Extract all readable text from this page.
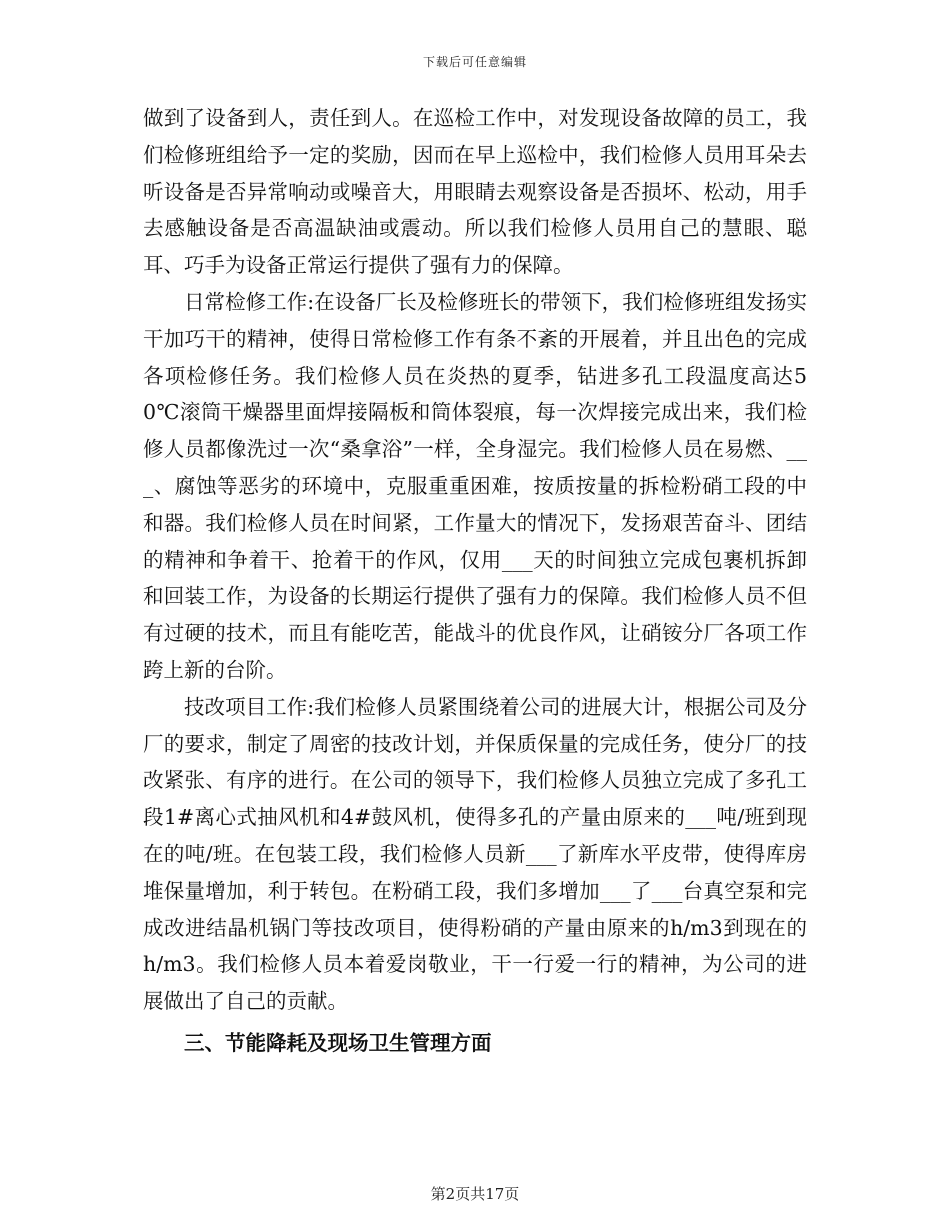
下载后可任意编辑

做到了设备到人，责任到人。在巡检工作中，对发现设备故障的员工，我们检修班组给予一定的奖励，因而在早上巡检中，我们检修人员用耳朵去听设备是否异常响动或噪音大，用眼睛去观察设备是否损坏、松动，用手去感触设备是否高温缺油或震动。所以我们检修人员用自己的慧眼、聪耳、巧手为设备正常运行提供了强有力的保障。

日常检修工作:在设备厂长及检修班长的带领下，我们检修班组发扬实干加巧干的精神，使得日常检修工作有条不紊的开展着，并且出色的完成各项检修任务。我们检修人员在炎热的夏季，钻进多孔工段温度高达50℃滚筒干燥器里面焊接隔板和筒体裂痕，每一次焊接完成出来，我们检修人员都像洗过一次“桑拿浴”一样，全身湿完。我们检修人员在易燃、___、腐蚀等恶劣的环境中，克服重重困难，按质按量的拆检粉硝工段的中和器。我们检修人员在时间紧，工作量大的情况下，发扬艰苦奋斗、团结的精神和争着干、抢着干的作风，仅用___天的时间独立完成包裹机拆卸和回装工作，为设备的长期运行提供了强有力的保障。我们检修人员不但有过硬的技术，而且有能吃苦，能战斗的优良作风，让硝铵分厂各项工作跨上新的台阶。

技改项目工作:我们检修人员紧围绕着公司的进展大计，根据公司及分厂的要求，制定了周密的技改计划，并保质保量的完成任务，使分厂的技改紧张、有序的进行。在公司的领导下，我们检修人员独立完成了多孔工段1#离心式抽风机和4#鼓风机，使得多孔的产量由原来的___吨/班到现在的吨/班。在包装工段，我们检修人员新___了新库水平皮带，使得库房堆保量增加，利于转包。在粉硝工段，我们多增加___了___台真空泵和完成改进结晶机锅门等技改项目，使得粉硝的产量由原来的h/m3到现在的h/m3。我们检修人员本着爱岗敬业，干一行爱一行的精神，为公司的进展做出了自己的贡献。

三、节能降耗及现场卫生管理方面

第2页共17页
